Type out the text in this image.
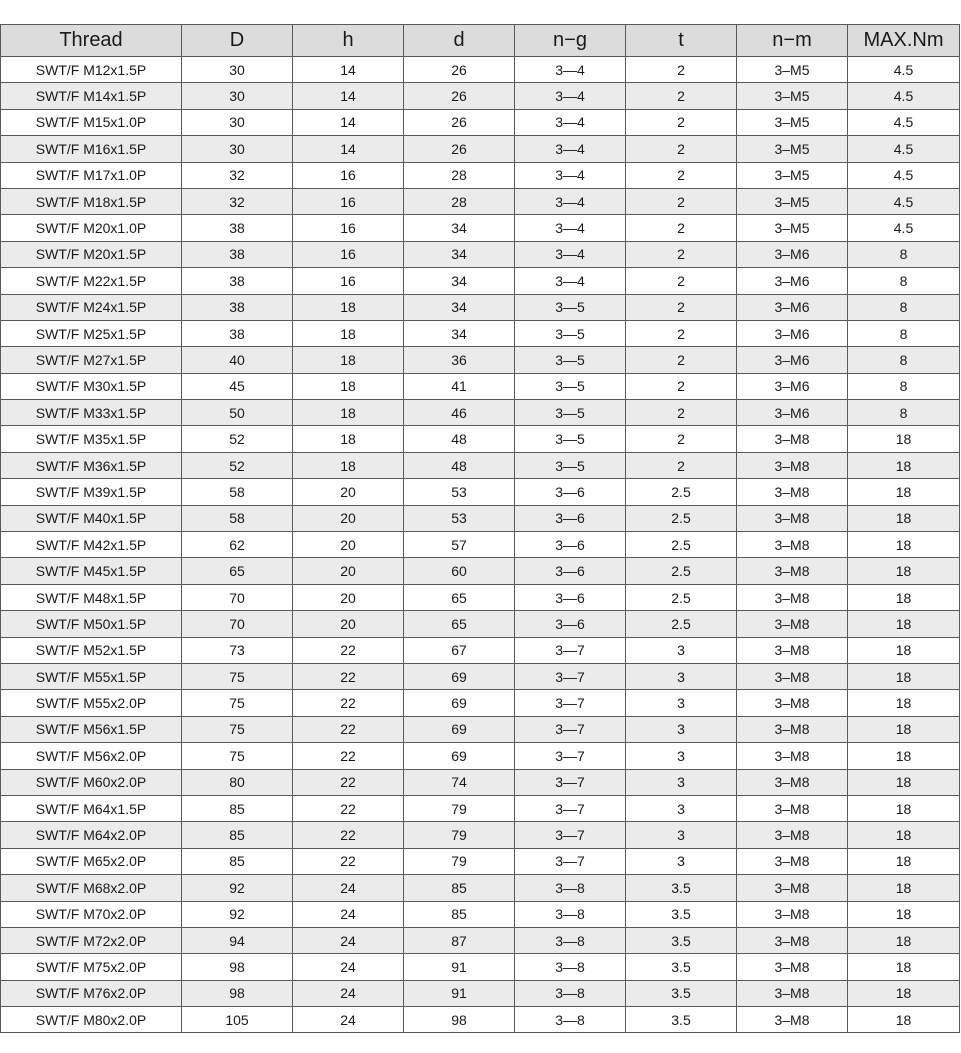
Thread	D	h	d	n−g	t	n−m	MAX.Nm
SWT/F M12x1.5P	30	14	26	3—4	2	3–M5	4.5
SWT/F M14x1.5P	30	14	26	3—4	2	3–M5	4.5
SWT/F M15x1.0P	30	14	26	3—4	2	3–M5	4.5
SWT/F M16x1.5P	30	14	26	3—4	2	3–M5	4.5
SWT/F M17x1.0P	32	16	28	3—4	2	3–M5	4.5
SWT/F M18x1.5P	32	16	28	3—4	2	3–M5	4.5
SWT/F M20x1.0P	38	16	34	3—4	2	3–M5	4.5
SWT/F M20x1.5P	38	16	34	3—4	2	3–M6	8
SWT/F M22x1.5P	38	16	34	3—4	2	3–M6	8
SWT/F M24x1.5P	38	18	34	3—5	2	3–M6	8
SWT/F M25x1.5P	38	18	34	3—5	2	3–M6	8
SWT/F M27x1.5P	40	18	36	3—5	2	3–M6	8
SWT/F M30x1.5P	45	18	41	3—5	2	3–M6	8
SWT/F M33x1.5P	50	18	46	3—5	2	3–M6	8
SWT/F M35x1.5P	52	18	48	3—5	2	3–M8	18
SWT/F M36x1.5P	52	18	48	3—5	2	3–M8	18
SWT/F M39x1.5P	58	20	53	3—6	2.5	3–M8	18
SWT/F M40x1.5P	58	20	53	3—6	2.5	3–M8	18
SWT/F M42x1.5P	62	20	57	3—6	2.5	3–M8	18
SWT/F M45x1.5P	65	20	60	3—6	2.5	3–M8	18
SWT/F M48x1.5P	70	20	65	3—6	2.5	3–M8	18
SWT/F M50x1.5P	70	20	65	3—6	2.5	3–M8	18
SWT/F M52x1.5P	73	22	67	3—7	3	3–M8	18
SWT/F M55x1.5P	75	22	69	3—7	3	3–M8	18
SWT/F M55x2.0P	75	22	69	3—7	3	3–M8	18
SWT/F M56x1.5P	75	22	69	3—7	3	3–M8	18
SWT/F M56x2.0P	75	22	69	3—7	3	3–M8	18
SWT/F M60x2.0P	80	22	74	3—7	3	3–M8	18
SWT/F M64x1.5P	85	22	79	3—7	3	3–M8	18
SWT/F M64x2.0P	85	22	79	3—7	3	3–M8	18
SWT/F M65x2.0P	85	22	79	3—7	3	3–M8	18
SWT/F M68x2.0P	92	24	85	3—8	3.5	3–M8	18
SWT/F M70x2.0P	92	24	85	3—8	3.5	3–M8	18
SWT/F M72x2.0P	94	24	87	3—8	3.5	3–M8	18
SWT/F M75x2.0P	98	24	91	3—8	3.5	3–M8	18
SWT/F M76x2.0P	98	24	91	3—8	3.5	3–M8	18
SWT/F M80x2.0P	105	24	98	3—8	3.5	3–M8	18
